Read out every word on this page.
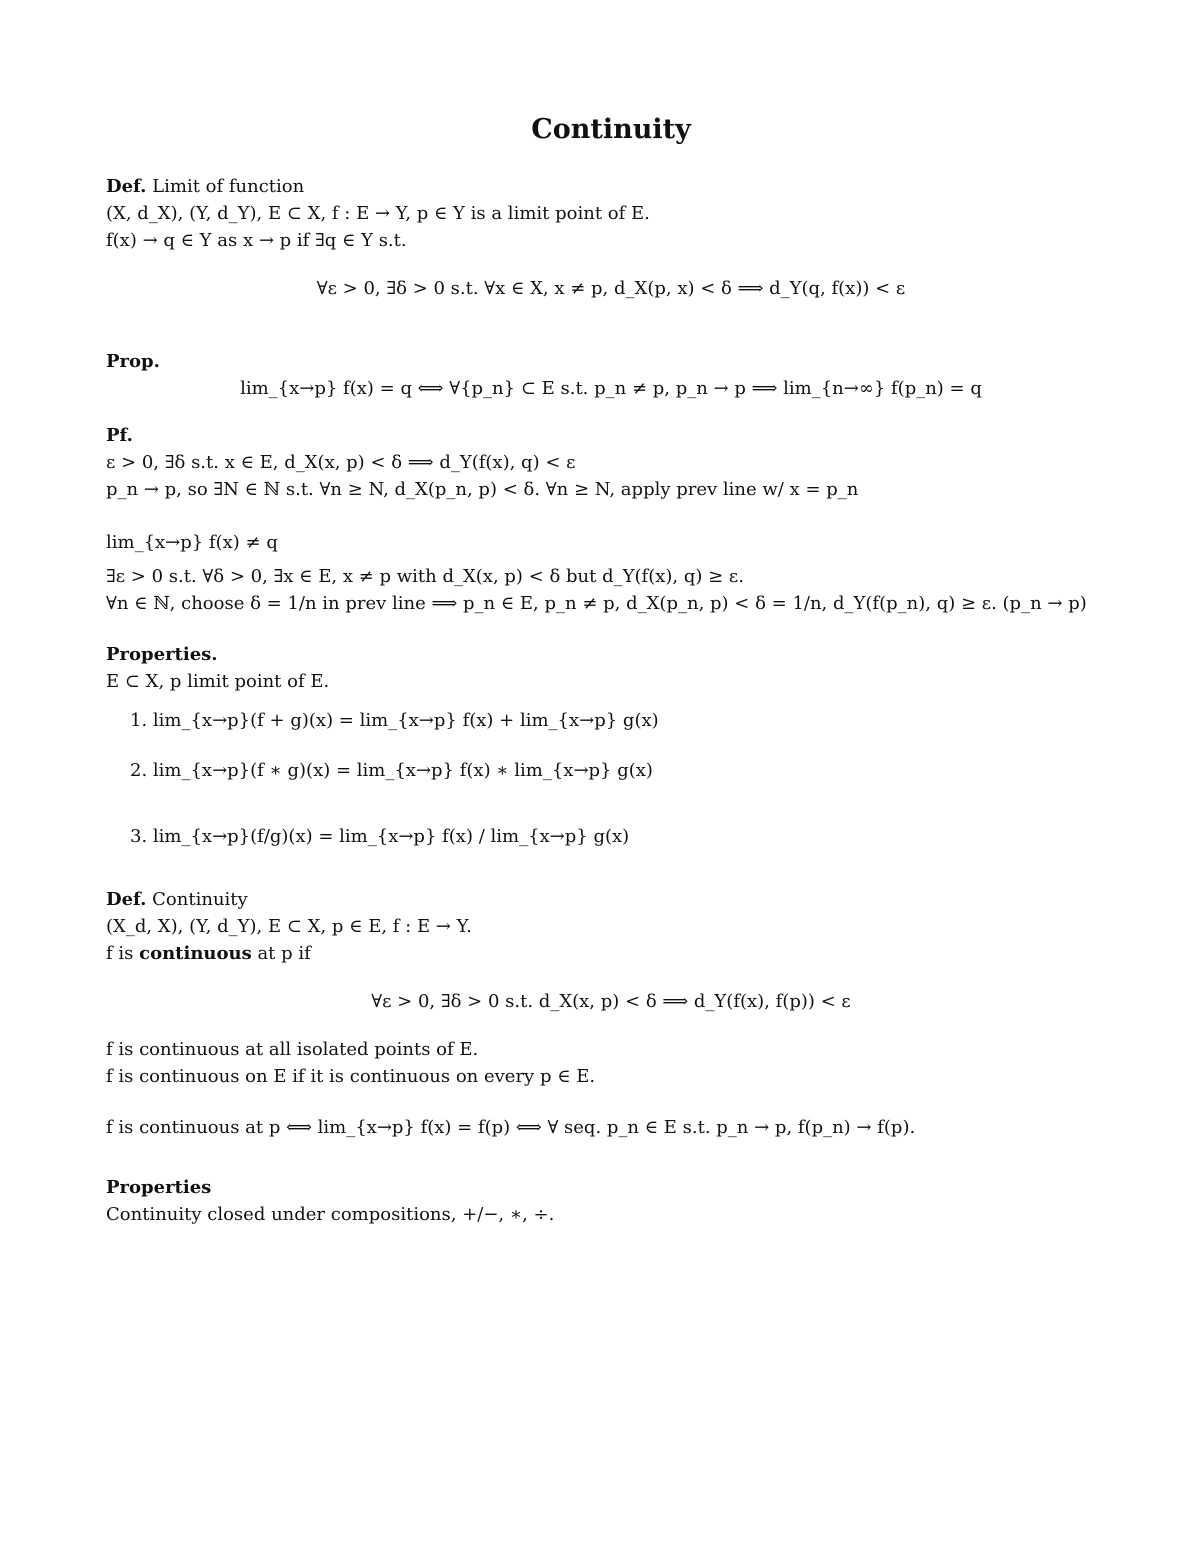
Continuity
Def. Limit of function
(X, d_X), (Y, d_Y), E ⊂ X, f : E → Y, p ∈ Y is a limit point of E.
f(x) → q ∈ Y as x → p if ∃q ∈ Y s.t.
∀ε > 0, ∃δ > 0 s.t. ∀x ∈ X, x ≠ p, d_X(p, x) < δ ⟹ d_Y(q, f(x)) < ε
Prop.
lim_{x→p} f(x) = q ⟺ ∀{p_n} ⊂ E s.t. p_n ≠ p, p_n → p ⟹ lim_{n→∞} f(p_n) = q
Pf.
ε > 0, ∃δ s.t. x ∈ E, d_X(x, p) < δ ⟹ d_Y(f(x), q) < ε
p_n → p, so ∃N ∈ ℕ s.t. ∀n ≥ N, d_X(p_n, p) < δ. ∀n ≥ N, apply prev line w/ x = p_n
lim_{x→p} f(x) ≠ q
∃ε > 0 s.t. ∀δ > 0, ∃x ∈ E, x ≠ p with d_X(x, p) < δ but d_Y(f(x), q) ≥ ε.
∀n ∈ ℕ, choose δ = 1/n in prev line ⟹ p_n ∈ E, p_n ≠ p, d_X(p_n, p) < δ = 1/n, d_Y(f(p_n), q) ≥ ε. (p_n → p)
Properties.
E ⊂ X, p limit point of E.
1. lim_{x→p}(f + g)(x) = lim_{x→p} f(x) + lim_{x→p} g(x)
2. lim_{x→p}(f ∗ g)(x) = lim_{x→p} f(x) ∗ lim_{x→p} g(x)
3. lim_{x→p}(f/g)(x) = lim_{x→p} f(x) / lim_{x→p} g(x)
Def. Continuity
(X_d, X), (Y, d_Y), E ⊂ X, p ∈ E, f : E → Y.
f is continuous at p if
∀ε > 0, ∃δ > 0 s.t. d_X(x, p) < δ ⟹ d_Y(f(x), f(p)) < ε
f is continuous at all isolated points of E.
f is continuous on E if it is continuous on every p ∈ E.
f is continuous at p ⟺ lim_{x→p} f(x) = f(p) ⟺ ∀ seq. p_n ∈ E s.t. p_n → p, f(p_n) → f(p).
Properties
Continuity closed under compositions, +/−, ∗, ÷.
